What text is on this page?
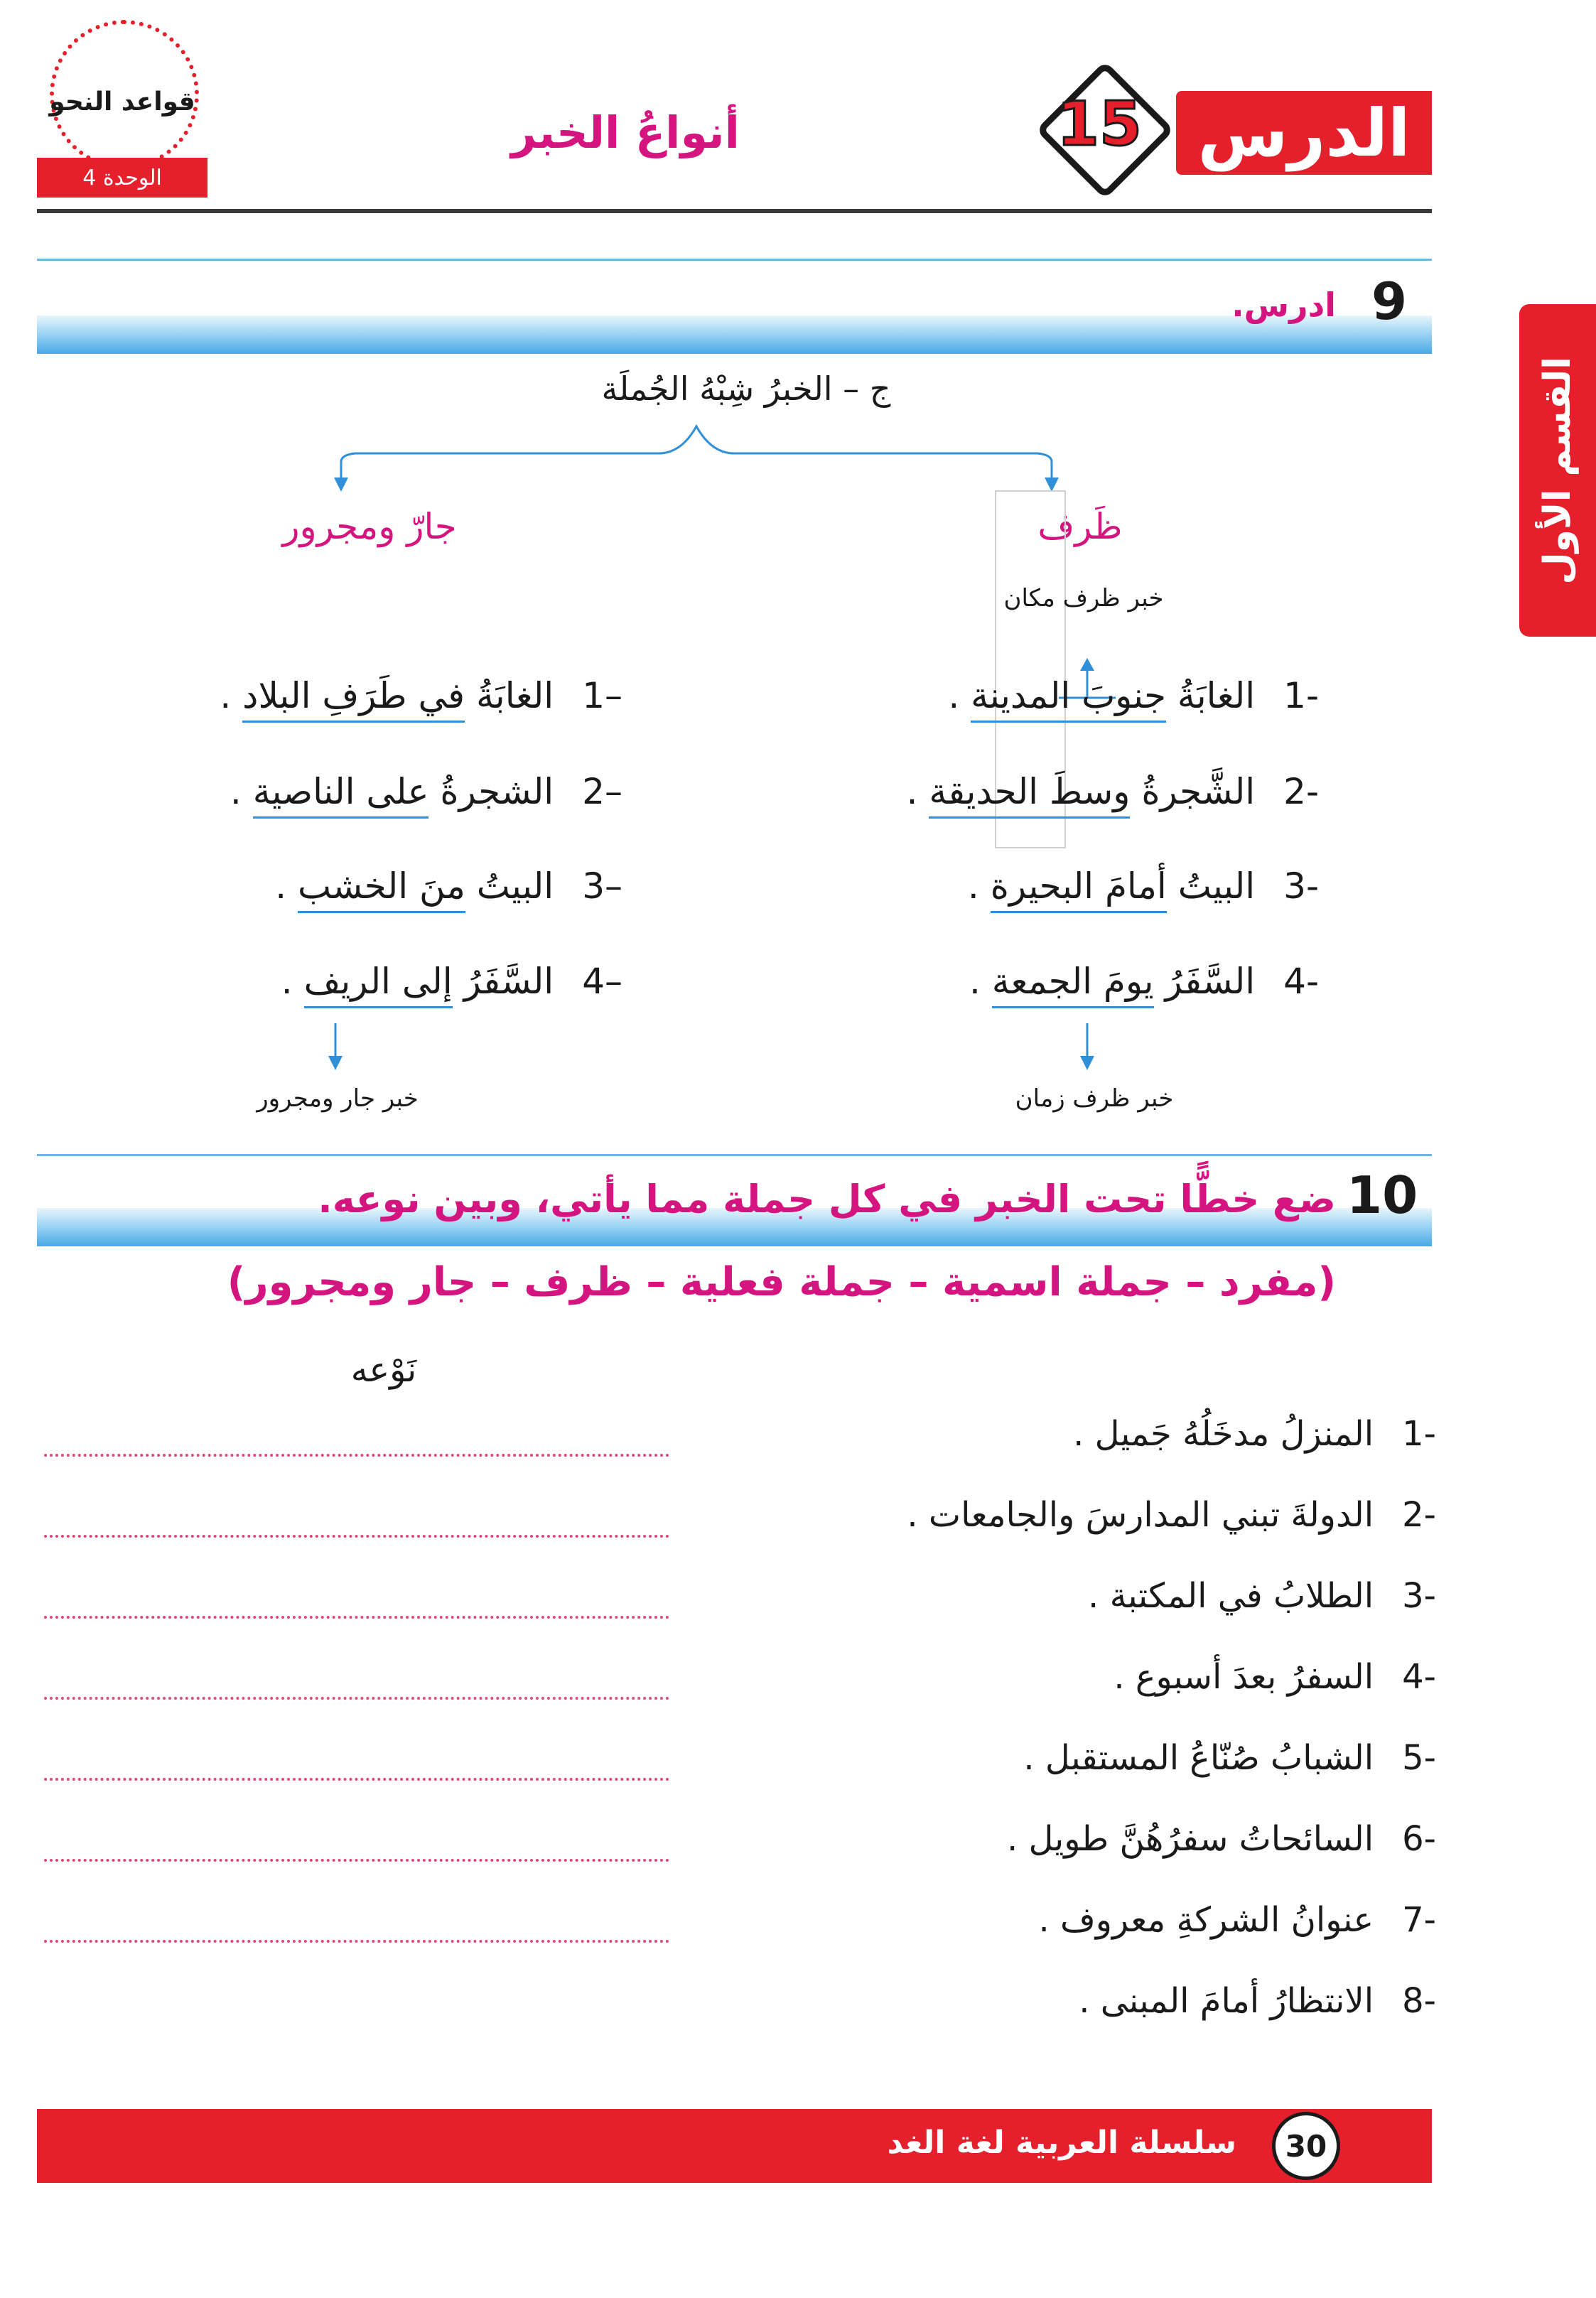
الدرس
15
أنواعُ الخبر
قواعد النحو
الوحدة 4
القسم الأول
9
ادرس.
ج – الخبرُ شِبْهُ الجُملَة
ظَرف
جارّ ومجرور
خبر ظرف مكان
-1الغابَةُ جنوبَ المدينة .
-2الشَّجرةُ وسطَ الحديقة .
-3البيتُ أمامَ البحيرة .
-4السَّفَرُ يومَ الجمعة .
–1الغابَةُ في طَرَفِ البلاد .
–2الشجرةُ على الناصية .
–3البيتُ منَ الخشب .
–4السَّفَرُ إلى الريف .
خبر ظرف زمان
خبر جار ومجرور
10
ضع خطًّا تحت الخبر في كل جملة مما يأتي، وبين نوعه.
(مفرد – جملة اسمية – جملة فعلية – ظرف – جار ومجرور)
نَوْعه
-1المنزلُ مدخَلُهُ جَميل .
-2الدولةَ تبني المدارسَ والجامعات .
-3الطلابُ في المكتبة .
-4السفرُ بعدَ أسبوع .
-5الشبابُ صُنّاعُ المستقبل .
-6السائحاتُ سفرُهُنَّ طويل .
-7عنوانُ الشركةِ معروف .
-8الانتظارُ أمامَ المبنى .
سلسلة العربية لغة الغد	30
